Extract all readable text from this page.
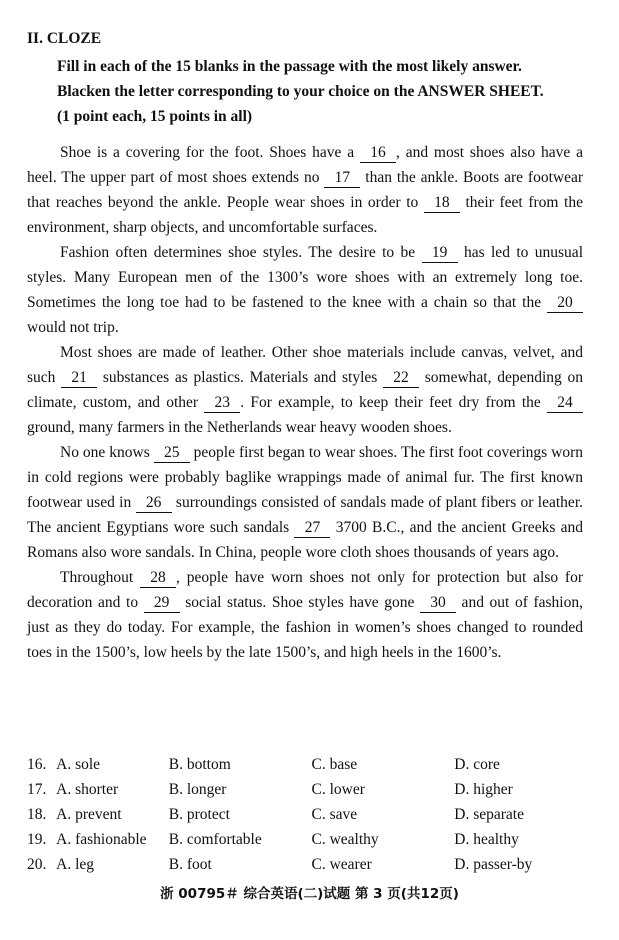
II. CLOZE
Fill in each of the 15 blanks in the passage with the most likely answer.
Blacken the letter corresponding to your choice on the ANSWER SHEET.
(1 point each, 15 points in all)

Shoe is a covering for the foot. Shoes have a 16 , and most shoes also have a heel. The upper part of most shoes extends no 17 than the ankle. Boots are footwear that reaches beyond the ankle. People wear shoes in order to 18 their feet from the environment, sharp objects, and uncomfortable surfaces.

Fashion often determines shoe styles. The desire to be 19 has led to unusual styles. Many European men of the 1300’s wore shoes with an extremely long toe. Sometimes the long toe had to be fastened to the knee with a chain so that the 20 would not trip.

Most shoes are made of leather. Other shoe materials include canvas, velvet, and such 21 substances as plastics. Materials and styles 22 somewhat, depending on climate, custom, and other 23 . For example, to keep their feet dry from the 24 ground, many farmers in the Netherlands wear heavy wooden shoes.

No one knows 25 people first began to wear shoes. The first foot coverings worn in cold regions were probably baglike wrappings made of animal fur. The first known footwear used in 26 surroundings consisted of sandals made of plant fibers or leather. The ancient Egyptians wore such sandals 27 3700 B.C., and the ancient Greeks and Romans also wore sandals. In China, people wore cloth shoes thousands of years ago.

Throughout 28 , people have worn shoes not only for protection but also for decoration and to 29 social status. Shoe styles have gone 30 and out of fashion, just as they do today. For example, the fashion in women’s shoes changed to rounded toes in the 1500’s, low heels by the late 1500’s, and high heels in the 1600’s.

16. A. sole	B. bottom	C. base	D. core
17. A. shorter	B. longer	C. lower	D. higher
18. A. prevent	B. protect	C. save	D. separate
19. A. fashionable	B. comfortable	C. wealthy	D. healthy
20. A. leg	B. foot	C. wearer	D. passer-by
浙 00795＃ 综合英语(二)试题 第 3 页(共12页)
